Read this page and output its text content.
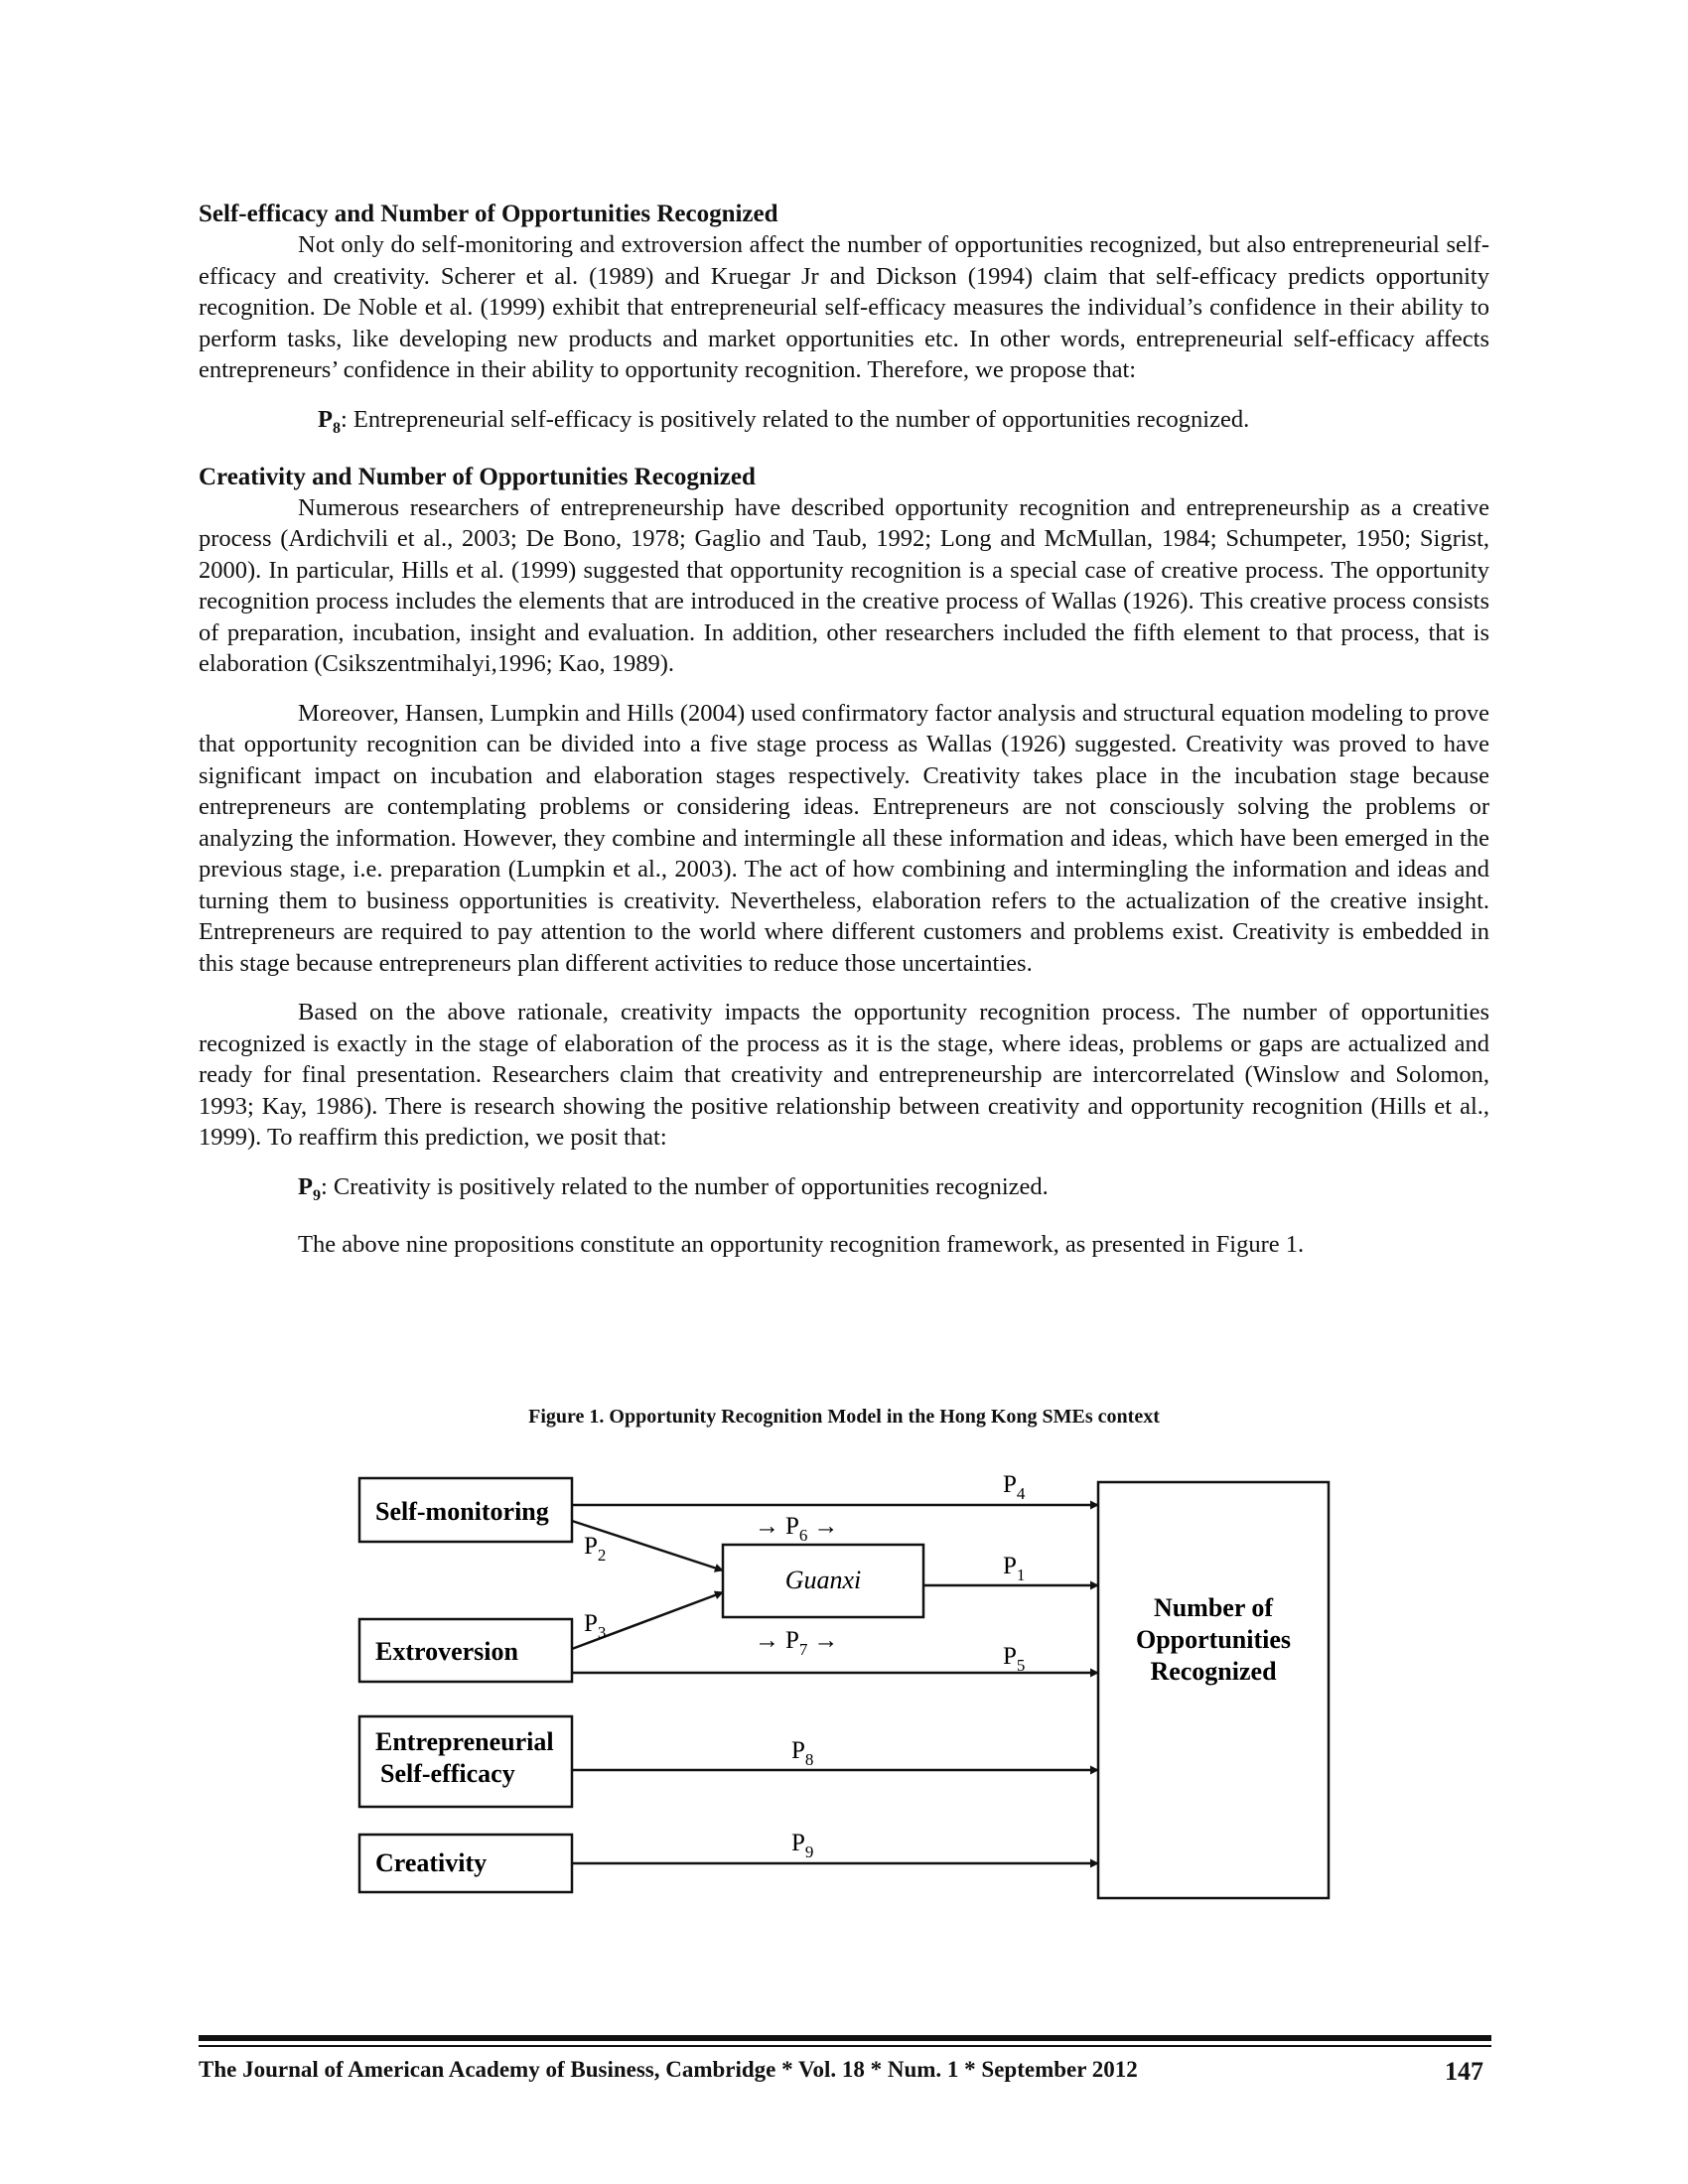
Self-efficacy and Number of Opportunities Recognized

Not only do self-monitoring and extroversion affect the number of opportunities recognized, but also entrepreneurial self-efficacy and creativity. Scherer et al. (1989) and Kruegar Jr and Dickson (1994) claim that self-efficacy predicts opportunity recognition. De Noble et al. (1999) exhibit that entrepreneurial self-efficacy measures the individual’s confidence in their ability to perform tasks, like developing new products and market opportunities etc. In other words, entrepreneurial self-efficacy affects entrepreneurs’ confidence in their ability to opportunity recognition. Therefore, we propose that:

$P_8$: Entrepreneurial self-efficacy is positively related to the number of opportunities recognized.

Creativity and Number of Opportunities Recognized

Numerous researchers of entrepreneurship have described opportunity recognition and entrepreneurship as a creative process (Ardichvili et al., 2003; De Bono, 1978; Gaglio and Taub, 1992; Long and McMullan, 1984; Schumpeter, 1950; Sigrist, 2000). In particular, Hills et al. (1999) suggested that opportunity recognition is a special case of creative process. The opportunity recognition process includes the elements that are introduced in the creative process of Wallas (1926). This creative process consists of preparation, incubation, insight and evaluation. In addition, other researchers included the fifth element to that process, that is elaboration (Csikszentmihalyi,1996; Kao, 1989).

Moreover, Hansen, Lumpkin and Hills (2004) used confirmatory factor analysis and structural equation modeling to prove that opportunity recognition can be divided into a five stage process as Wallas (1926) suggested. Creativity was proved to have significant impact on incubation and elaboration stages respectively. Creativity takes place in the incubation stage because entrepreneurs are contemplating problems or considering ideas. Entrepreneurs are not consciously solving the problems or analyzing the information. However, they combine and intermingle all these information and ideas, which have been emerged in the previous stage, i.e. preparation (Lumpkin et al., 2003). The act of how combining and intermingling the information and ideas and turning them to business opportunities is creativity. Nevertheless, elaboration refers to the actualization of the creative insight. Entrepreneurs are required to pay attention to the world where different customers and problems exist. Creativity is embedded in this stage because entrepreneurs plan different activities to reduce those uncertainties.

Based on the above rationale, creativity impacts the opportunity recognition process. The number of opportunities recognized is exactly in the stage of elaboration of the process as it is the stage, where ideas, problems or gaps are actualized and ready for final presentation. Researchers claim that creativity and entrepreneurship are intercorrelated (Winslow and Solomon, 1993; Kay, 1986). There is research showing the positive relationship between creativity and opportunity recognition (Hills et al., 1999). To reaffirm this prediction, we posit that:

$P_9$: Creativity is positively related to the number of opportunities recognized.

The above nine propositions constitute an opportunity recognition framework, as presented in Figure 1.

Figure 1. Opportunity Recognition Model in the Hong Kong SMEs context
Self-monitoring
Extroversion
Entrepreneurial
Self-efficacy
Creativity
Guanxi
Number of
Opportunities
Recognized
$P_4$
$P_2$
$P_3$
$P_1$
$P_5$
$P_8$
$P_9$
→ $P_6$ →
→ $P_7$ →
The Journal of American Academy of Business, Cambridge * Vol. 18 * Num. 1 * September 2012	147
